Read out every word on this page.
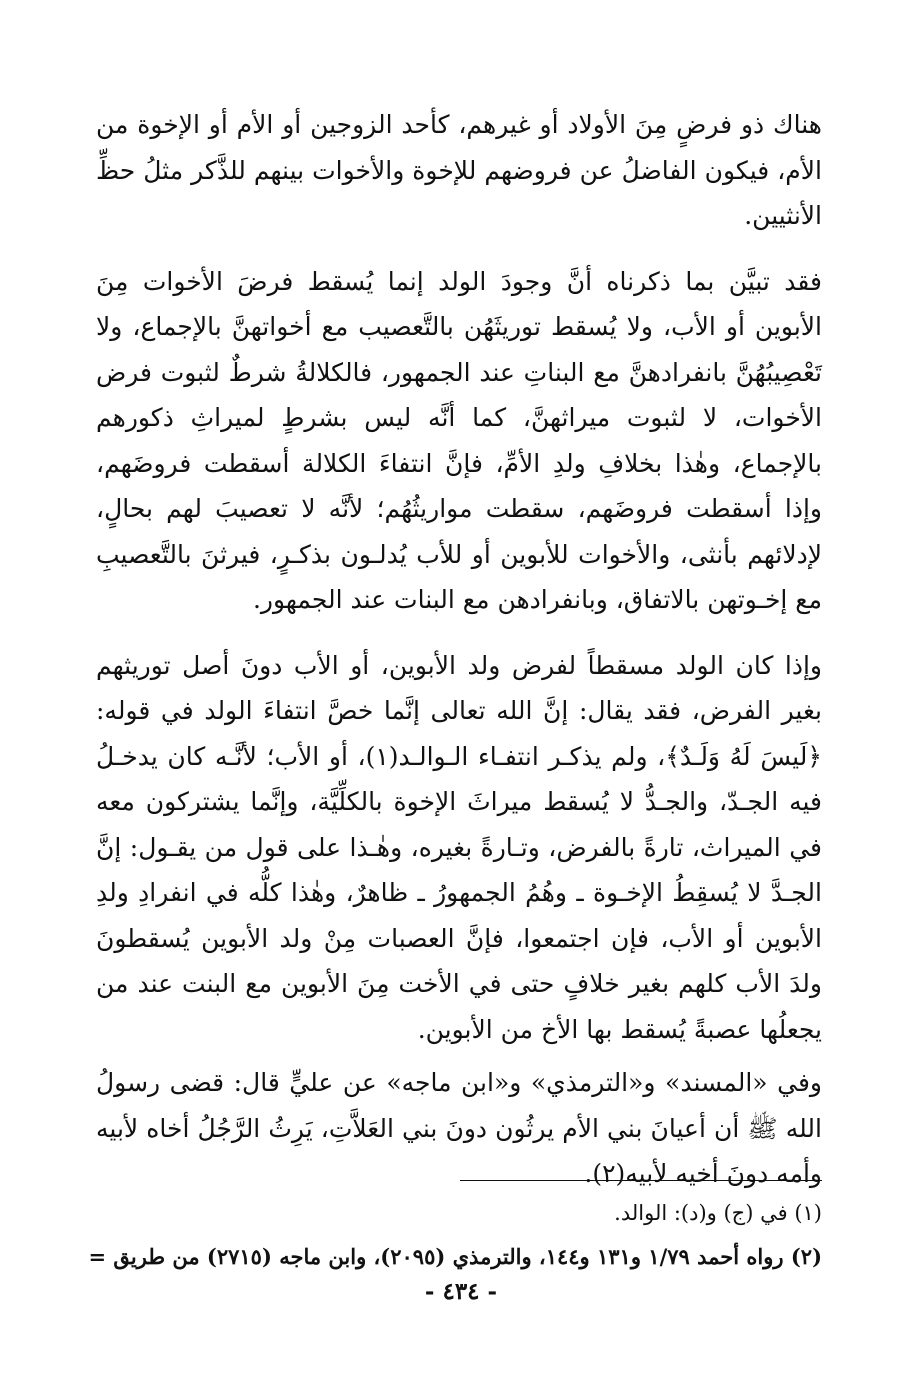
هناك ذو فرضٍ مِنَ الأولاد أو غيرهم، كأحد الزوجين أو الأم أو الإخوة من الأم، فيكون الفاضلُ عن فروضهم للإخوة والأخوات بينهم للذَّكر مثلُ حظِّ الأنثيين.

فقد تبيَّن بما ذكرناه أنَّ وجودَ الولد إنما يُسقط فرضَ الأخوات مِنَ الأبوين أو الأب، ولا يُسقط توريثَهُن بالتَّعصيب مع أخواتهنَّ بالإجماع، ولا تَعْصِيبُهُنَّ بانفرادهنَّ مع البناتِ عند الجمهور، فالكلالةُ شرطٌ لثبوت فرض الأخوات، لا لثبوت ميراثهنَّ، كما أنَّه ليس بشرطٍ لميراثِ ذكورهم بالإجماع، وهٰذا بخلافِ ولدِ الأمِّ، فإنَّ انتفاءَ الكلالة أسقطت فروضَهم، وإذا أسقطت فروضَهم، سقطت مواريثُهُم؛ لأنَّه لا تعصيبَ لهم بحالٍ، لإدلائهم بأنثى، والأخوات للأبوين أو للأب يُدلـون بذكـرٍ، فيرثنَ بالتَّعصيبِ مع إخـوتهن بالاتفاق، وبانفرادهن مع البنات عند الجمهور.

وإذا كان الولد مسقطاً لفرض ولد الأبوين، أو الأب دونَ أصل توريثهم بغير الفرض، فقد يقال: إنَّ الله تعالى إنَّما خصَّ انتفاءَ الولد في قوله: ﴿لَيسَ لَهُ وَلَـدٌ﴾، ولم يذكـر انتفـاء الـوالـد(١)، أو الأب؛ لأنَّـه كان يدخـلُ فيه الجـدّ، والجـدُّ لا يُسقط ميراثَ الإخوة بالكلِّيَّة، وإنَّما يشتركون معه في الميراث، تارةً بالفرض، وتـارةً بغيره، وهٰـذا على قول من يقـول: إنَّ الجـدَّ لا يُسقِطُ الإخـوة ـ وهُمُ الجمهورُ ـ ظاهرٌ، وهٰذا كلُّه في انفرادِ ولدِ الأبوين أو الأب، فإن اجتمعوا، فإنَّ العصبات مِنْ ولد الأبوين يُسقطونَ ولدَ الأب كلهم بغير خلافٍ حتى في الأخت مِنَ الأبوين مع البنت عند من يجعلُها عصبةً يُسقط بها الأخ من الأبوين.

وفي «المسند» و«الترمذي» و«ابن ماجه» عن عليٍّ قال: قضى رسولُ الله ﷺ أن أعيانَ بني الأم يرثُون دونَ بني العَلاَّتِ، يَرِثُ الرَّجُلُ أخاه لأبيه وأمه دونَ أخيه لأبيه(٢).

(١) في (ج) و(د): الوالد.

(٢) رواه أحمد ١/٧٩ و١٣١ و١٤٤، والترمذي (٢٠٩٥)، وابن ماجه (٢٧١٥) من طريق =

- ٤٣٤ -
